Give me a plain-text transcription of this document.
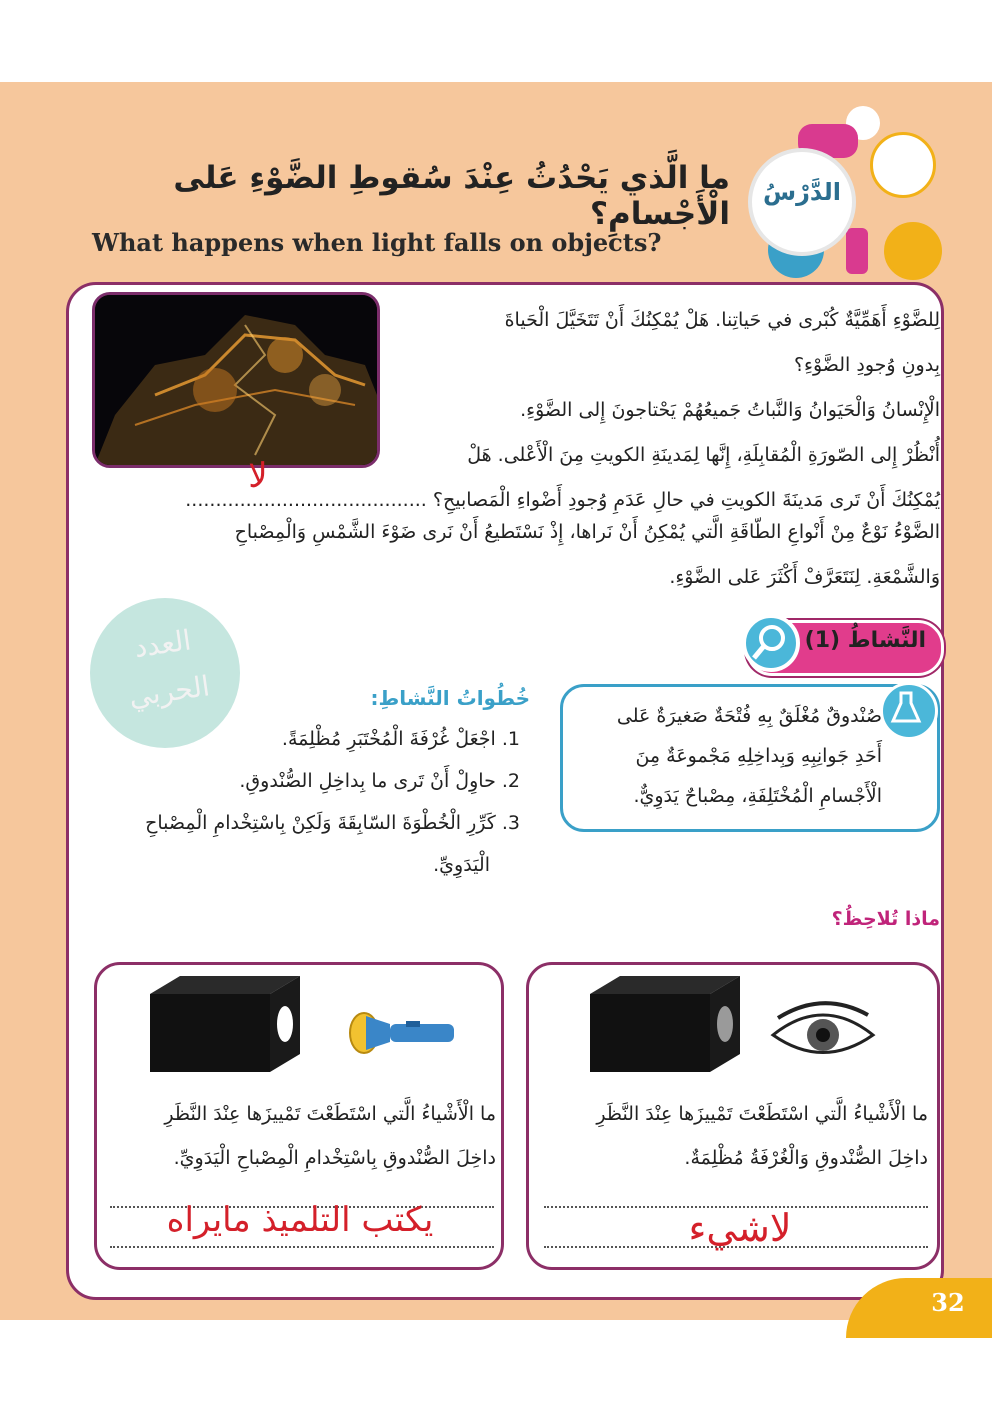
ما الَّذي يَحْدُثُ عِنْدَ سُقوطِ الضَّوْءِ عَلى الْأَجْسامِ؟
What happens when light falls on objects?
الدَّرْسُ
لِلضَّوْءِ أَهَمِّيَّةٌ كُبْرى في حَياتِنا. هَلْ يُمْكِنُكَ أَنْ تَتَخَيَّلَ الْحَياةَ
بِدونِ وُجودِ الضَّوْءِ؟
الْإِنْسانُ وَالْحَيَوانُ وَالنَّباتُ جَميعُهُمْ يَحْتاجونَ إِلى الضَّوْءِ.
أُنْظُرْ إِلى الصّورَةِ الْمُقابِلَةِ، إِنَّها لِمَدينَةِ الكويتِ مِنَ الْأَعْلى. هَلْ
يُمْكِنُكَ أَنْ تَرى مَدينَةَ الكويتِ في حالِ عَدَمِ وُجودِ أَضْواءِ الْمَصابيحِ؟ ........................................
لا
الضَّوْءُ نَوْعٌ مِنْ أَنْواعِ الطّاقَةِ الَّتي يُمْكِنُ أَنْ نَراها، إِذْ نَسْتَطيعُ أَنْ نَرى ضَوْءَ الشَّمْسِ وَالْمِصْباحِ
وَالشَّمْعَةِ. لِنَتَعَرَّفْ أَكْثَرَ عَلى الضَّوْءِ.
النَّشاطُ (1)
العدد
الحربي	خُطُواتُ النَّشاطِ:
1. اجْعَلْ غُرْفَةَ الْمُخْتَبَرِ مُظْلِمَةً.
2. حاوِلْ أَنْ تَرى ما بِداخِلِ الصُّنْدوقِ.
3. كَرِّرِ الْخُطْوَةَ السّابِقَةَ وَلَكِنْ بِاسْتِخْدامِ الْمِصْباحِ
الْيَدَوِيِّ.
صُنْدوقٌ مُغْلَقٌ بِهِ فُتْحَةٌ صَغيرَةٌ عَلى
أَحَدِ جَوانِبِهِ وَبِداخِلِهِ مَجْموعَةٌ مِنَ
الْأَجْسامِ الْمُخْتَلِفَةِ، مِصْباحٌ يَدَوِيٌّ.
ماذا تُلاحِظُ؟
ما الْأَشْياءُ الَّتي اسْتَطَعْتَ تَمْييزَها عِنْدَ النَّظَرِ
داخِلَ الصُّنْدوقِ وَالْغُرْفَةُ مُظْلِمَةٌ.
لاشيء
ما الْأَشْياءُ الَّتي اسْتَطَعْتَ تَمْييزَها عِنْدَ النَّظَرِ
داخِلَ الصُّنْدوقِ بِاسْتِخْدامِ الْمِصْباحِ الْيَدَوِيِّ.
يكتب التلميذ مايراه
32
